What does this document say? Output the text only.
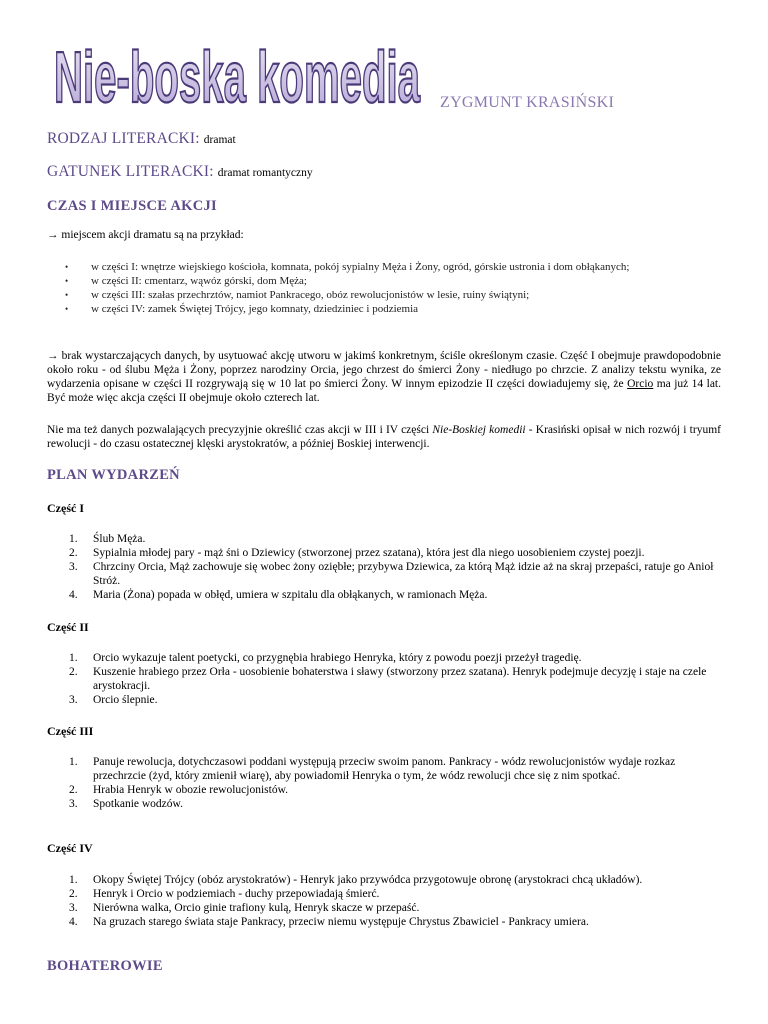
Nie-boska komedia ZYGMUNT KRASIŃSKI
RODZAJ LITERACKI: dramat
GATUNEK LITERACKI: dramat romantyczny
CZAS I MIEJSCE AKCJI
→ miejscem akcji dramatu są na przykład:
• w części I: wnętrze wiejskiego kościoła, komnata, pokój sypialny Męża i Żony, ogród, górskie ustronia i dom obłąkanych;
• w części II: cmentarz, wąwóz górski, dom Męża;
• w części III: szałas przechrztów, namiot Pankracego, obóz rewolucjonistów w lesie, ruiny świątyni;
• w części IV: zamek Świętej Trójcy, jego komnaty, dziedziniec i podziemia
→ brak wystarczających danych, by usytuować akcję utworu w jakimś konkretnym, ściśle określonym czasie. Część I obejmuje prawdopodobnie około roku - od ślubu Męża i Żony, poprzez narodziny Orcia, jego chrzest do śmierci Żony - niedługo po chrzcie. Z analizy tekstu wynika, ze wydarzenia opisane w części II rozgrywają się w 10 lat po śmierci Żony. W innym epizodzie II części dowiadujemy się, że Orcio ma już 14 lat. Być może więc akcja części II obejmuje około czterech lat.
Nie ma też danych pozwalających precyzyjnie określić czas akcji w III i IV części Nie-Boskiej komedii - Krasiński opisał w nich rozwój i tryumf rewolucji - do czasu ostatecznej klęski arystokratów, a później Boskiej interwencji.
PLAN WYDARZEŃ
Część I
1. Ślub Męża.
2. Sypialnia młodej pary - mąż śni o Dziewicy (stworzonej przez szatana), która jest dla niego uosobieniem czystej poezji.
3. Chrzciny Orcia, Mąż zachowuje się wobec żony oziębłe; przybywa Dziewica, za którą Mąż idzie aż na skraj przepaści, ratuje go Anioł Stróż.
4. Maria (Żona) popada w obłęd, umiera w szpitalu dla obłąkanych, w ramionach Męża.
Część II
1. Orcio wykazuje talent poetycki, co przygnębia hrabiego Henryka, który z powodu poezji przeżył tragedię.
2. Kuszenie hrabiego przez Orła - uosobienie bohaterstwa i sławy (stworzony przez szatana). Henryk podejmuje decyzję i staje na czele arystokracji.
3. Orcio ślepnie.
Część III
1. Panuje rewolucja, dotychczasowi poddani występują przeciw swoim panom. Pankracy - wódz rewolucjonistów wydaje rozkaz przechrzcie (żyd, który zmienił wiarę), aby powiadomił Henryka o tym, że wódz rewolucji chce się z nim spotkać.
2. Hrabia Henryk w obozie rewolucjonistów.
3. Spotkanie wodzów.
Część IV
1. Okopy Świętej Trójcy (obóz arystokratów) - Henryk jako przywódca przygotowuje obronę (arystokraci chcą układów).
2. Henryk i Orcio w podziemiach - duchy przepowiadają śmierć.
3. Nierówna walka, Orcio ginie trafiony kulą, Henryk skacze w przepaść.
4. Na gruzach starego świata staje Pankracy, przeciw niemu występuje Chrystus Zbawiciel - Pankracy umiera.
BOHATEROWIE
